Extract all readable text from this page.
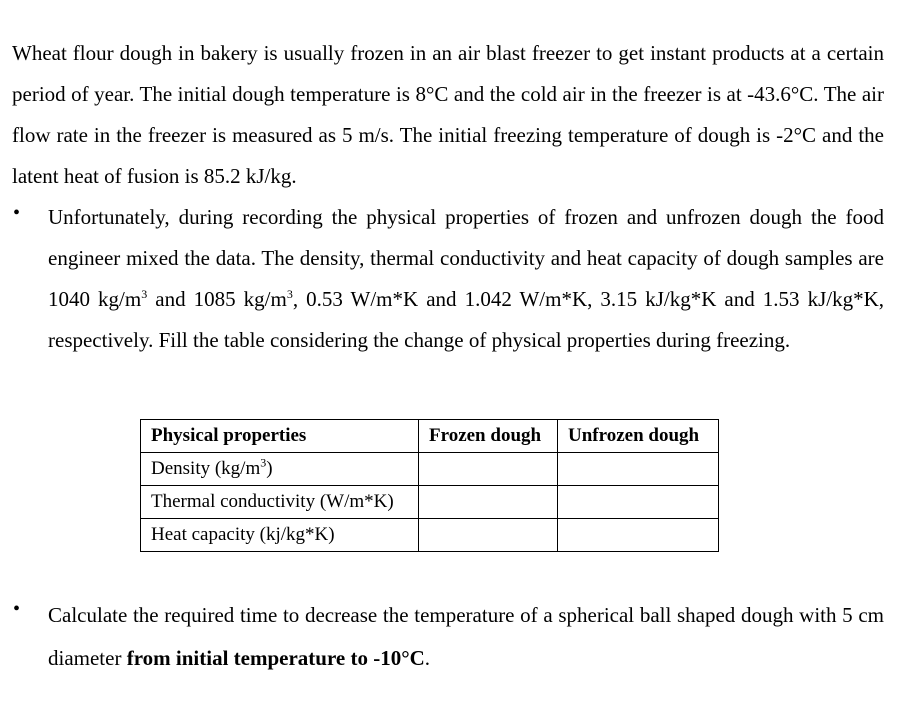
Wheat flour dough in bakery is usually frozen in an air blast freezer to get instant products at a certain period of year. The initial dough temperature is 8°C and the cold air in the freezer is at -43.6°C. The air flow rate in the freezer is measured as 5 m/s. The initial freezing temperature of dough is -2°C and the latent heat of fusion is 85.2 kJ/kg.

• Unfortunately, during recording the physical properties of frozen and unfrozen dough the food engineer mixed the data. The density, thermal conductivity and heat capacity of dough samples are 1040 $kg/m^3$ and 1085 $kg/m^3$, 0.53 W/m*K and 1.042 W/m*K, 3.15 kJ/kg*K and 1.53 kJ/kg*K, respectively. Fill the table considering the change of physical properties during freezing.

Physical properties	Frozen dough	Unfrozen dough
Density $(kg/m^3)$		
Thermal conductivity (W/m*K)		
Heat capacity (kj/kg*K)		
• Calculate the required time to decrease the temperature of a spherical ball shaped dough with 5 cm diameter from initial temperature to -10°C.
